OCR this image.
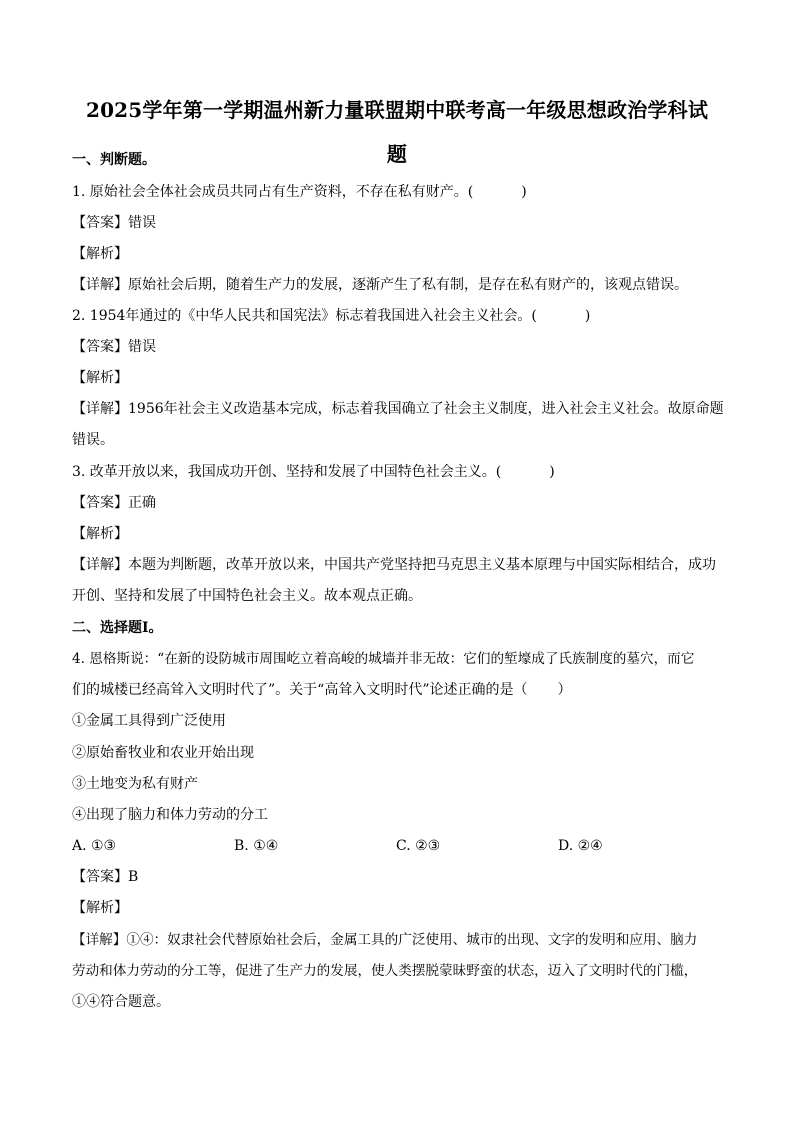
2025学年第一学期温州新力量联盟期中联考高一年级思想政治学科试
题

一、判断题。

1. 原始社会全体社会成员共同占有生产资料，不存在私有财产。(	)

【答案】错误

【解析】

【详解】原始社会后期，随着生产力的发展，逐渐产生了私有制，是存在私有财产的，该观点错误。

2. 1954年通过的《中华人民共和国宪法》标志着我国进入社会主义社会。(	)

【答案】错误

【解析】

【详解】1956年社会主义改造基本完成，标志着我国确立了社会主义制度，进入社会主义社会。故原命题

错误。

3. 改革开放以来，我国成功开创、坚持和发展了中国特色社会主义。(	)

【答案】正确

【解析】

【详解】本题为判断题，改革开放以来，中国共产党坚持把马克思主义基本原理与中国实际相结合，成功

开创、坚持和发展了中国特色社会主义。故本观点正确。

二、选择题Ⅰ。

4. 恩格斯说：“在新的设防城市周围屹立着高峻的城墙并非无故：它们的堑壕成了氏族制度的墓穴，而它

们的城楼已经高耸入文明时代了”。关于“高耸入文明时代”论述正确的是（ ）

①金属工具得到广泛使用

②原始畜牧业和农业开始出现

③土地变为私有财产

④出现了脑力和体力劳动的分工

A. ①③	B. ①④	C. ②③	D. ②④

【答案】B

【解析】

【详解】①④：奴隶社会代替原始社会后，金属工具的广泛使用、城市的出现、文字的发明和应用、脑力

劳动和体力劳动的分工等，促进了生产力的发展，使人类摆脱蒙昧野蛮的状态，迈入了文明时代的门槛，

①④符合题意。
